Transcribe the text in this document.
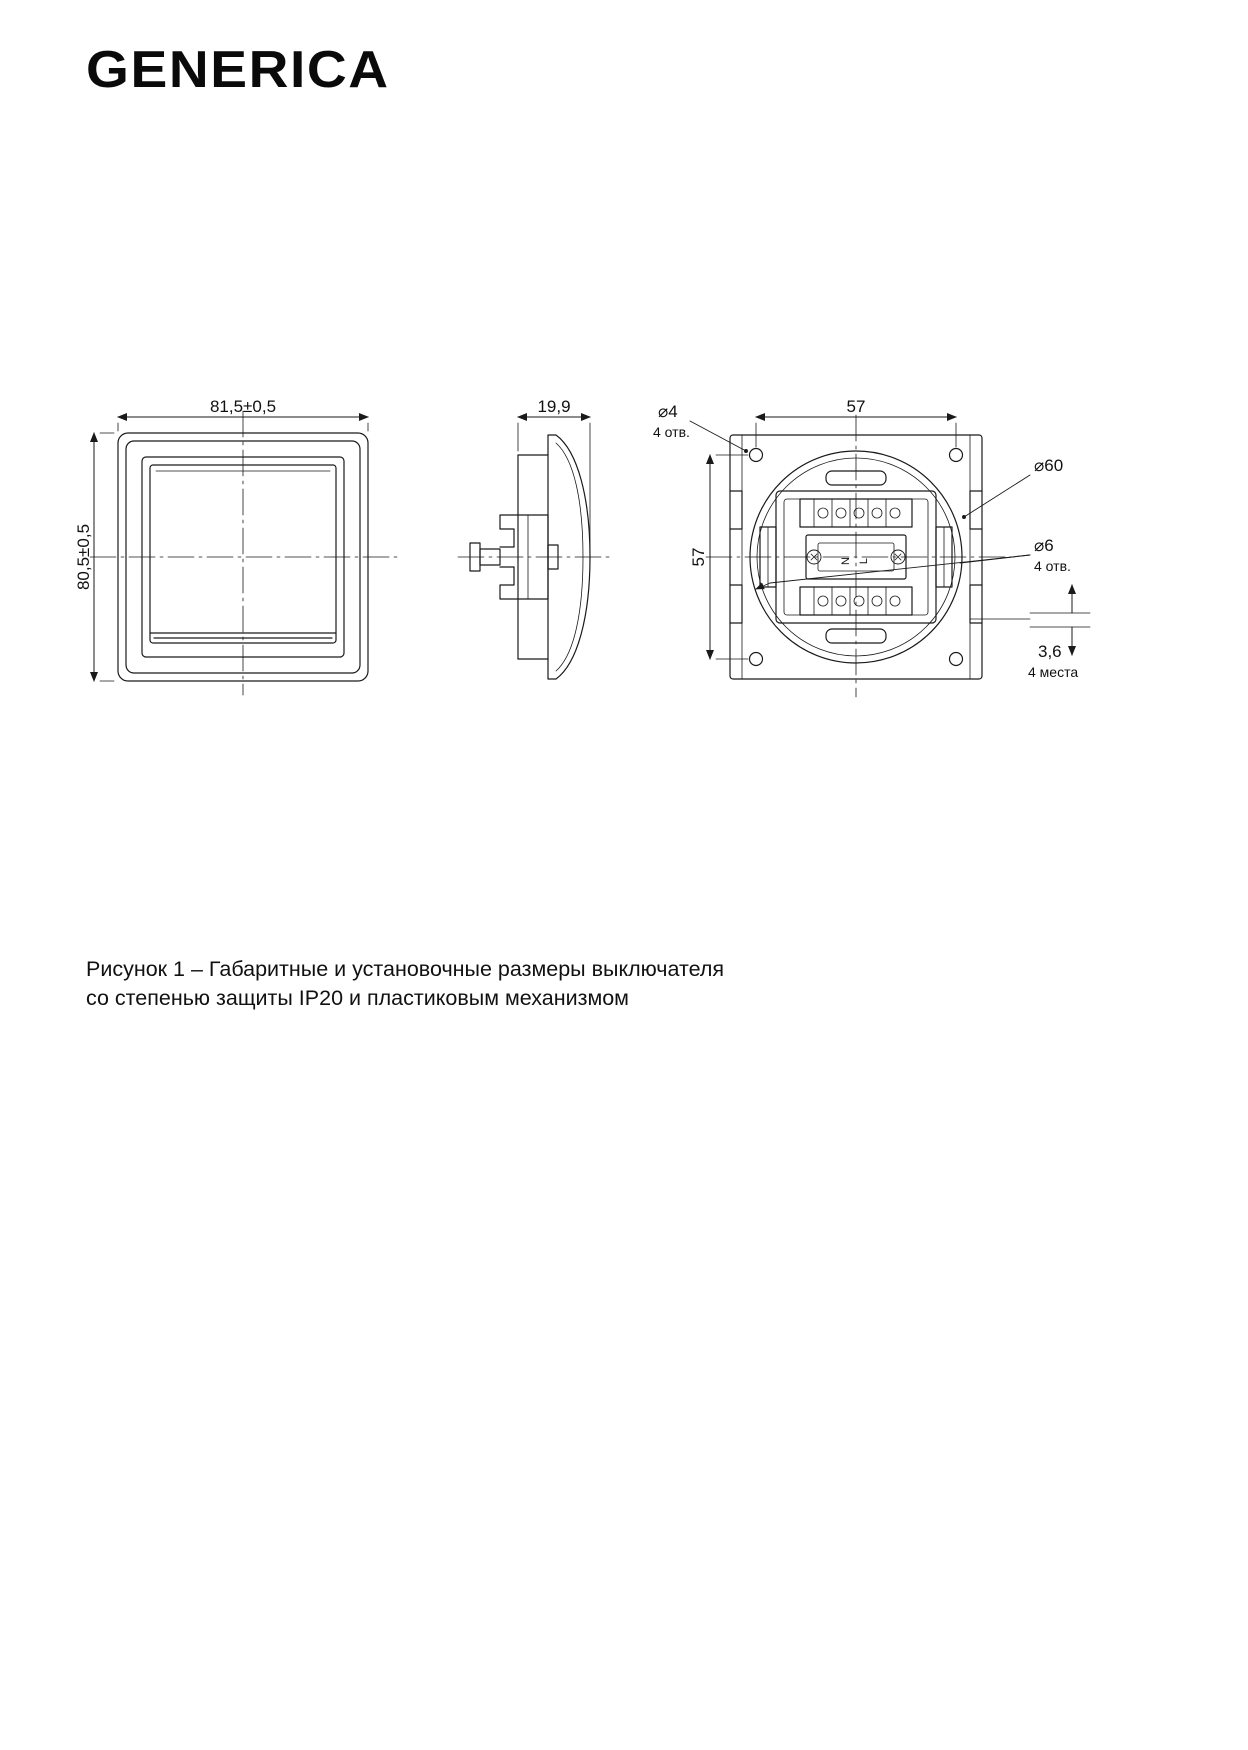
GENERICA
81,5±0,5
80,5±0,5
19,9	57
57
⌀4
4 отв.
⌀60
⌀6
4 отв.
3,6
4 места
N L
Рисунок 1 – Габаритные и установочные размеры выключателя
со степенью защиты IP20 и пластиковым механизмом
